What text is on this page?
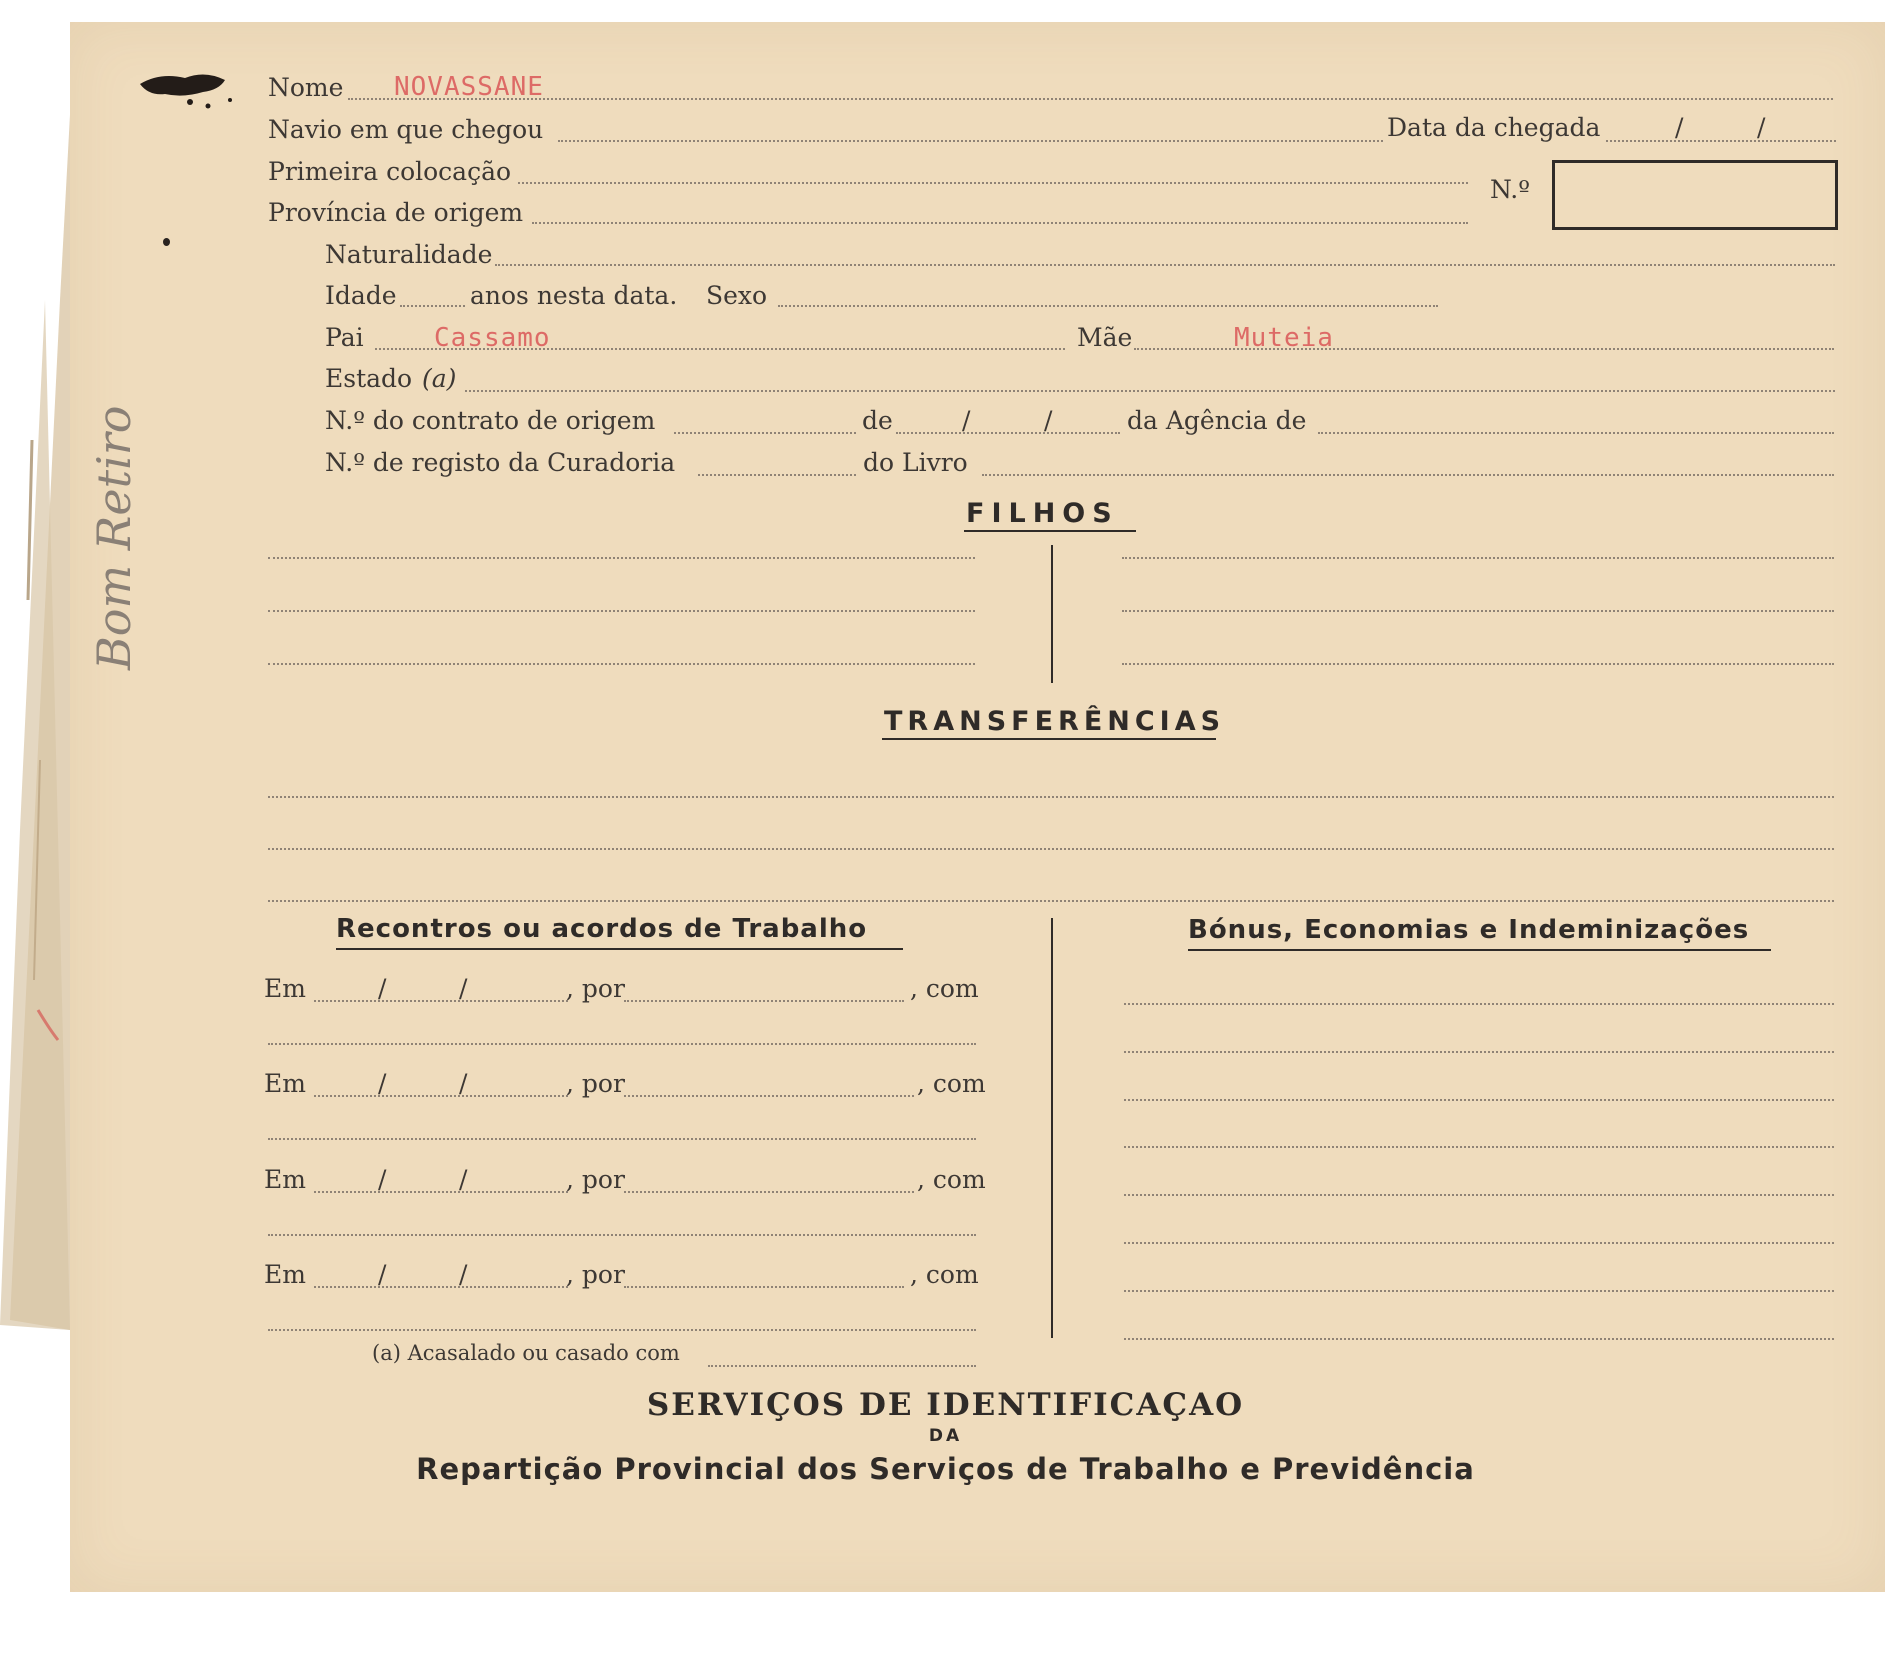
Bom Retiro
Nome NOVASSANE
Navio em que chegou	Data da chegada	/	/
Primeira colocação
N.º
Província de origem
Naturalidade
Idade	anos nesta data. Sexo
Pai	Cassamo	Mãe	Muteia
Estado (a)
N.º do contrato de origem	de	/	/	da Agência de
N.º de registo da Curadoria	do Livro
FILHOS
TRANSFERÊNCIAS
Recontros ou acordos de Trabalho	Bónus, Economias e Indeminizações
Em	/	/	, por	, com
Em	/	/	, por	, com
Em	/	/	, por	, com
Em	/	/	, por	, com
(a) Acasalado ou casado com
SERVIÇOS DE IDENTIFICAÇAO
DA
Repartição Provincial dos Serviços de Trabalho e Previdência
